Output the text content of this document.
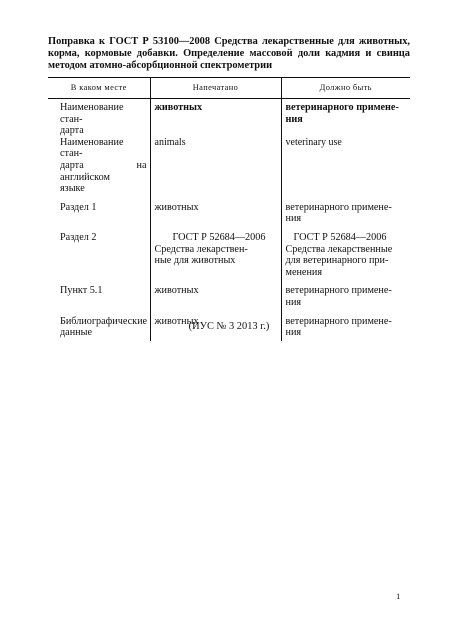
Поправка к ГОСТ Р 53100—2008 Средства лекарственные для животных, корма, кормовые добавки. Определение массовой доли кадмия и свинца методом атомно-абсорбционной спектрометрии
В каком месте	Напечатано	Должно быть

Наименование стан-
дарта	животных	ветеринарного примене-
ния

Наименование стан-
дарта на английском
языке	animals	veterinary use
Раздел 1	животных	ветеринарного примене-
ния
Раздел 2	ГОСТ Р 52684—2006
Средства лекарствен-
ные для животных	ГОСТ Р 52684—2006
Средства лекарственные
для ветеринарного при-
менения
Пункт 5.1	животных	ветеринарного примене-
ния

Библиографические
данные	животных	ветеринарного примене-
ния
(ИУС № 3 2013 г.)
1
